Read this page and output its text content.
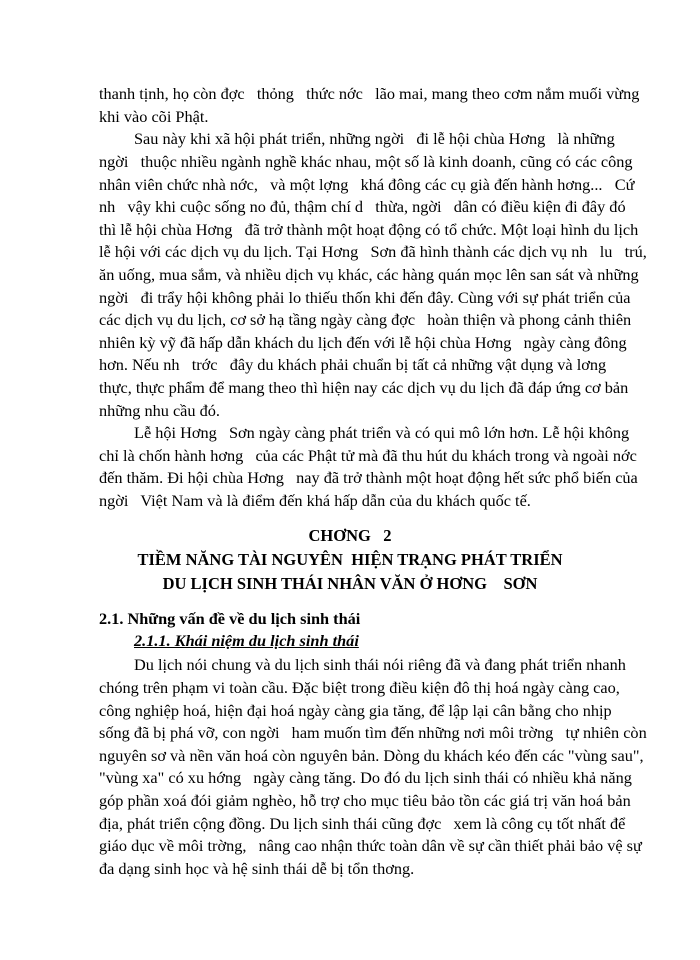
thanh tịnh, họ còn đợc   thỏng   thức nớc   lão mai, mang theo cơm nắm muối vừng
khi vào cõi Phật.
Sau này khi xã hội phát triển, những ngời   đi lễ hội chùa Hơng   là những
ngời   thuộc nhiều ngành nghề khác nhau, một số là kinh doanh, cũng có các công
nhân viên chức nhà nớc,   và một lợng   khá đông các cụ già đến hành hơng...   Cứ
nh   vậy khi cuộc sống no đủ, thậm chí d   thừa, ngời   dân có điều kiện đi đây đó
thì lễ hội chùa Hơng   đã trở thành một hoạt động có tổ chức. Một loại hình du lịch
lễ hội với các dịch vụ du lịch. Tại Hơng   Sơn đã hình thành các dịch vụ nh   lu   trú,
ăn uống, mua sắm, và nhiều dịch vụ khác, các hàng quán mọc lên san sát và những
ngời   đi trẩy hội không phải lo thiếu thốn khi đến đây. Cùng với sự phát triển của
các dịch vụ du lịch, cơ sở hạ tầng ngày càng đợc   hoàn thiện và phong cảnh thiên
nhiên kỳ vỹ đã hấp dẫn khách du lịch đến với lễ hội chùa Hơng   ngày càng đông
hơn. Nếu nh   trớc   đây du khách phải chuẩn bị tất cả những vật dụng và lơng
thực, thực phẩm để mang theo thì hiện nay các dịch vụ du lịch đã đáp ứng cơ bản
những nhu cầu đó.
Lễ hội Hơng   Sơn ngày càng phát triển và có qui mô lớn hơn. Lễ hội không
chỉ là chốn hành hơng   của các Phật tử mà đã thu hút du khách trong và ngoài nớc
đến thăm. Đi hội chùa Hơng   nay đã trở thành một hoạt động hết sức phổ biến của
ngời   Việt Nam và là điểm đến khá hấp dẫn của du khách quốc tế.
CHƠNG   2
TIỀM NĂNG TÀI NGUYÊN  HIỆN TRẠNG PHÁT TRIỂN
DU LỊCH SINH THÁI NHÂN VĂN Ở HƠNG    SƠN
2.1. Những vấn đề về du lịch sinh thái
2.1.1. Khái niệm du lịch sinh thái
Du lịch nói chung và du lịch sinh thái nói riêng đã và đang phát triển nhanh
chóng trên phạm vi toàn cầu. Đặc biệt trong điều kiện đô thị hoá ngày càng cao,
công nghiệp hoá, hiện đại hoá ngày càng gia tăng, để lập lại cân bằng cho nhịp
sống đã bị phá vỡ, con ngời   ham muốn tìm đến những nơi môi trờng   tự nhiên còn
nguyên sơ và nền văn hoá còn nguyên bản. Dòng du khách kéo đến các "vùng sau",
"vùng xa" có xu hớng   ngày càng tăng. Do đó du lịch sinh thái có nhiều khả năng
góp phần xoá đói giảm nghèo, hỗ trợ cho mục tiêu bảo tồn các giá trị văn hoá bản
địa, phát triển cộng đồng. Du lịch sinh thái cũng đợc   xem là công cụ tốt nhất để
giáo dục về môi trờng,   nâng cao nhận thức toàn dân về sự cần thiết phải bảo vệ sự
đa dạng sinh học và hệ sinh thái dễ bị tổn thơng.
